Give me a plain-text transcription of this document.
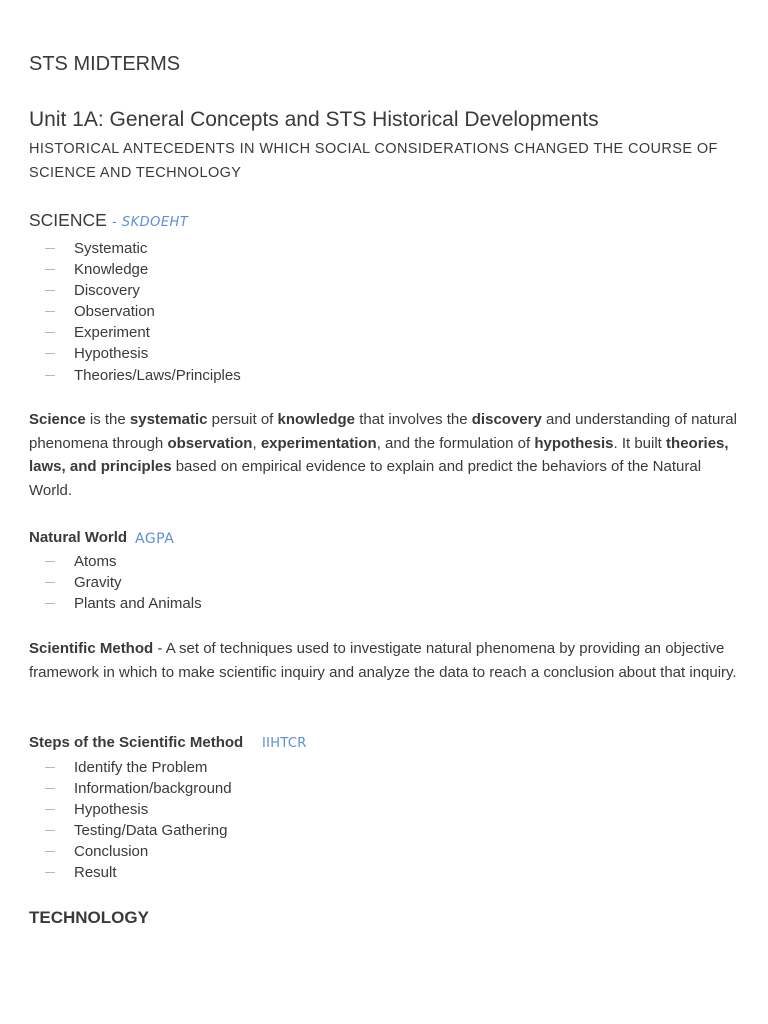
STS MIDTERMS
Unit 1A: General Concepts and STS Historical Developments

HISTORICAL ANTECEDENTS IN WHICH SOCIAL CONSIDERATIONS CHANGED THE COURSE OF SCIENCE AND TECHNOLOGY

SCIENCE - SKDOEHT
Systematic
Knowledge
Discovery
Observation
Experiment
Hypothesis
Theories/Laws/Principles

Science is the systematic persuit of knowledge that involves the discovery and understanding of natural phenomena through observation, experimentation, and the formulation of hypothesis. It built theories, laws, and principles based on empirical evidence to explain and predict the behaviors of the Natural World.

Natural World AGPA
Atoms
Gravity
Plants and Animals

Scientific Method - A set of techniques used to investigate natural phenomena by providing an objective framework in which to make scientific inquiry and analyze the data to reach a conclusion about that inquiry.

Steps of the Scientific Method IIHTCR
Identify the Problem
Information/background
Hypothesis
Testing/Data Gathering
Conclusion
Result
TECHNOLOGY
